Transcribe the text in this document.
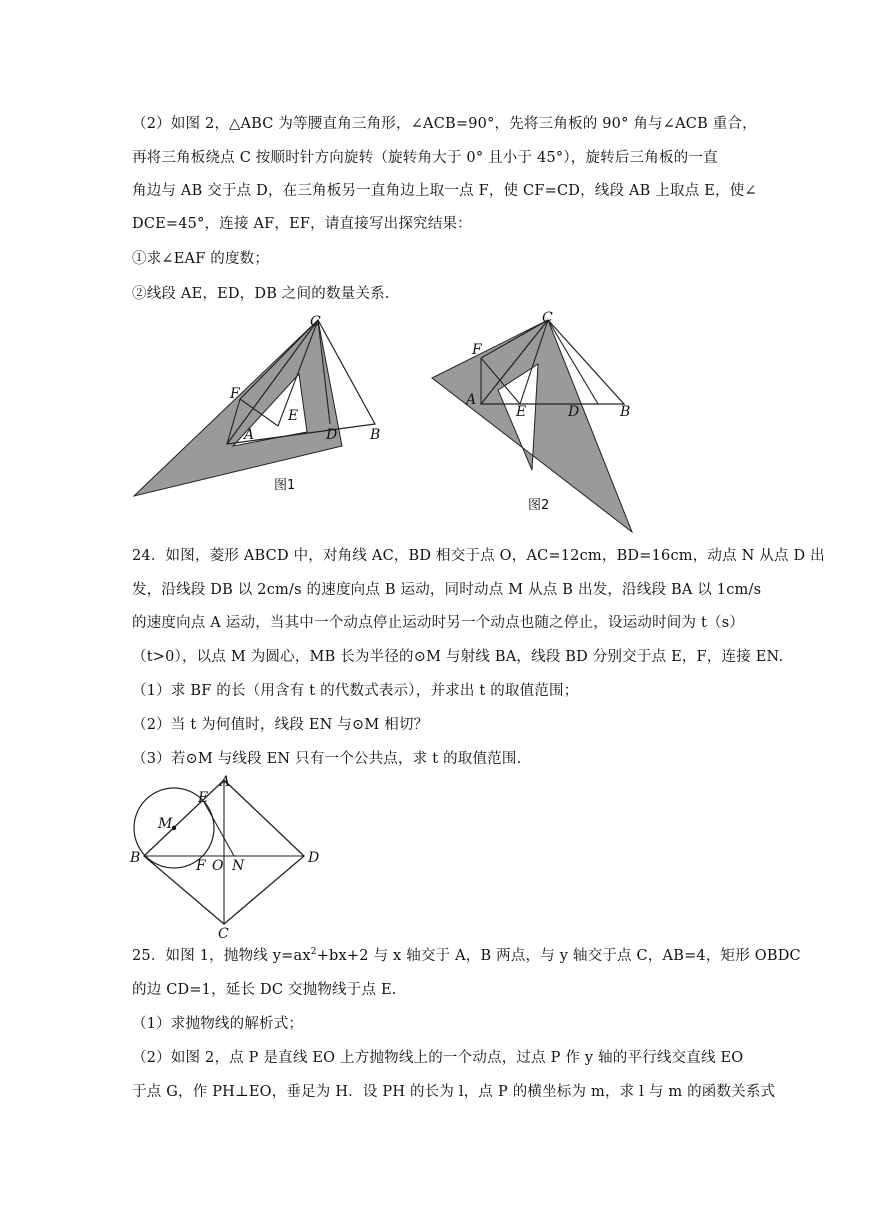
（2）如图 2，△ABC 为等腰直角三角形，∠ACB=90°，先将三角板的 90° 角与∠ACB 重合，
再将三角板绕点 C 按顺时针方向旋转（旋转角大于 0° 且小于 45°），旋转后三角板的一直
角边与 AB 交于点 D，在三角板另一直角边上取一点 F，使 CF=CD，线段 AB 上取点 E，使∠
DCE=45°，连接 AF，EF，请直接写出探究结果：
①求∠EAF 的度数；
②线段 AE，ED，DB 之间的数量关系.
C
F
E
A	D B
图1
C
F
A
E	D	B
图2
24．如图，菱形 ABCD 中，对角线 AC，BD 相交于点 O，AC=12cm，BD=16cm，动点 N 从点 D 出
发，沿线段 DB 以 2cm/s 的速度向点 B 运动，同时动点 M 从点 B 出发，沿线段 BA 以 1cm/s
的速度向点 A 运动，当其中一个动点停止运动时另一个动点也随之停止，设运动时间为 t（s）
（t>0），以点 M 为圆心，MB 长为半径的⊙M 与射线 BA，线段 BD 分别交于点 E，F，连接 EN.
（1）求 BF 的长（用含有 t 的代数式表示），并求出 t 的取值范围；
（2）当 t 为何值时，线段 EN 与⊙M 相切？
（3）若⊙M 与线段 EN 只有一个公共点，求 t 的取值范围.
A
E
M
B	F O N	D
C
25．如图 1，抛物线 $y=ax^2+bx+2$ 与 x 轴交于 A，B 两点，与 y 轴交于点 C，AB=4，矩形 OBDC
的边 CD=1，延长 DC 交抛物线于点 E.
（1）求抛物线的解析式；
（2）如图 2，点 P 是直线 EO 上方抛物线上的一个动点，过点 P 作 y 轴的平行线交直线 EO
于点 G，作 PH⊥EO，垂足为 H．设 PH 的长为 l，点 P 的横坐标为 m，求 l 与 m 的函数关系式
